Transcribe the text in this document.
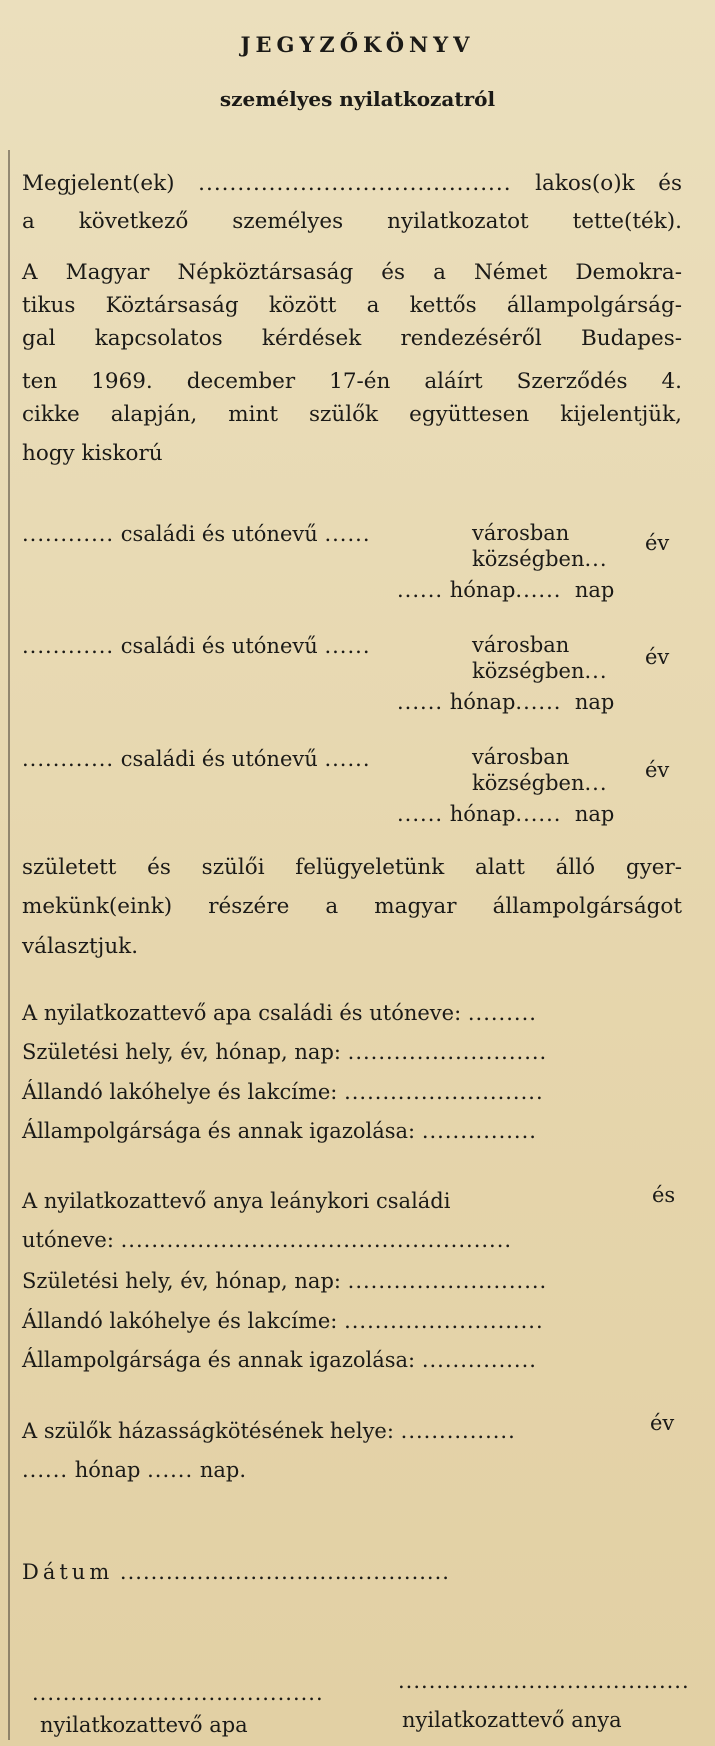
JEGYZŐKÖNYV
személyes nyilatkozatról
Megjelent(ek) ........................................ lakos(o)k és
a következő személyes nyilatkozatot tette(ték).
A Magyar Népköztársaság és a Német Demokra-
tikus Köztársaság között a kettős állampolgárság-
gal kapcsolatos kérdések rendezéséről Budapes-
ten 1969. december 17-én aláírt Szerződés 4.
cikke alapján, mint szülők együttesen kijelentjük,
hogy kiskorú
............ családi és utónevű ......	városban
községben...
év
...... hónap...... nap
............ családi és utónevű ......	városban
községben...
év
...... hónap...... nap
............ családi és utónevű ......	városban
községben...
év
...... hónap...... nap
született és szülői felügyeletünk alatt álló gyer-
mekünk(eink) részére a magyar állampolgárságot
választjuk.
A nyilatkozattevő apa családi és utóneve: .........
Születési hely, év, hónap, nap: ..........................
Állandó lakóhelye és lakcíme: ..........................
Állampolgársága és annak igazolása: ...............
A nyilatkozattevő anya leánykori családi	és
utóneve: ...................................................
Születési hely, év, hónap, nap: ..........................
Állandó lakóhelye és lakcíme: ..........................
Állampolgársága és annak igazolása: ...............
A szülők házasságkötésének helye: ...............	év
...... hónap ...... nap.
Dátum ...........................................
......................................	......................................
nyilatkozattevő apa	nyilatkozattevő anya
